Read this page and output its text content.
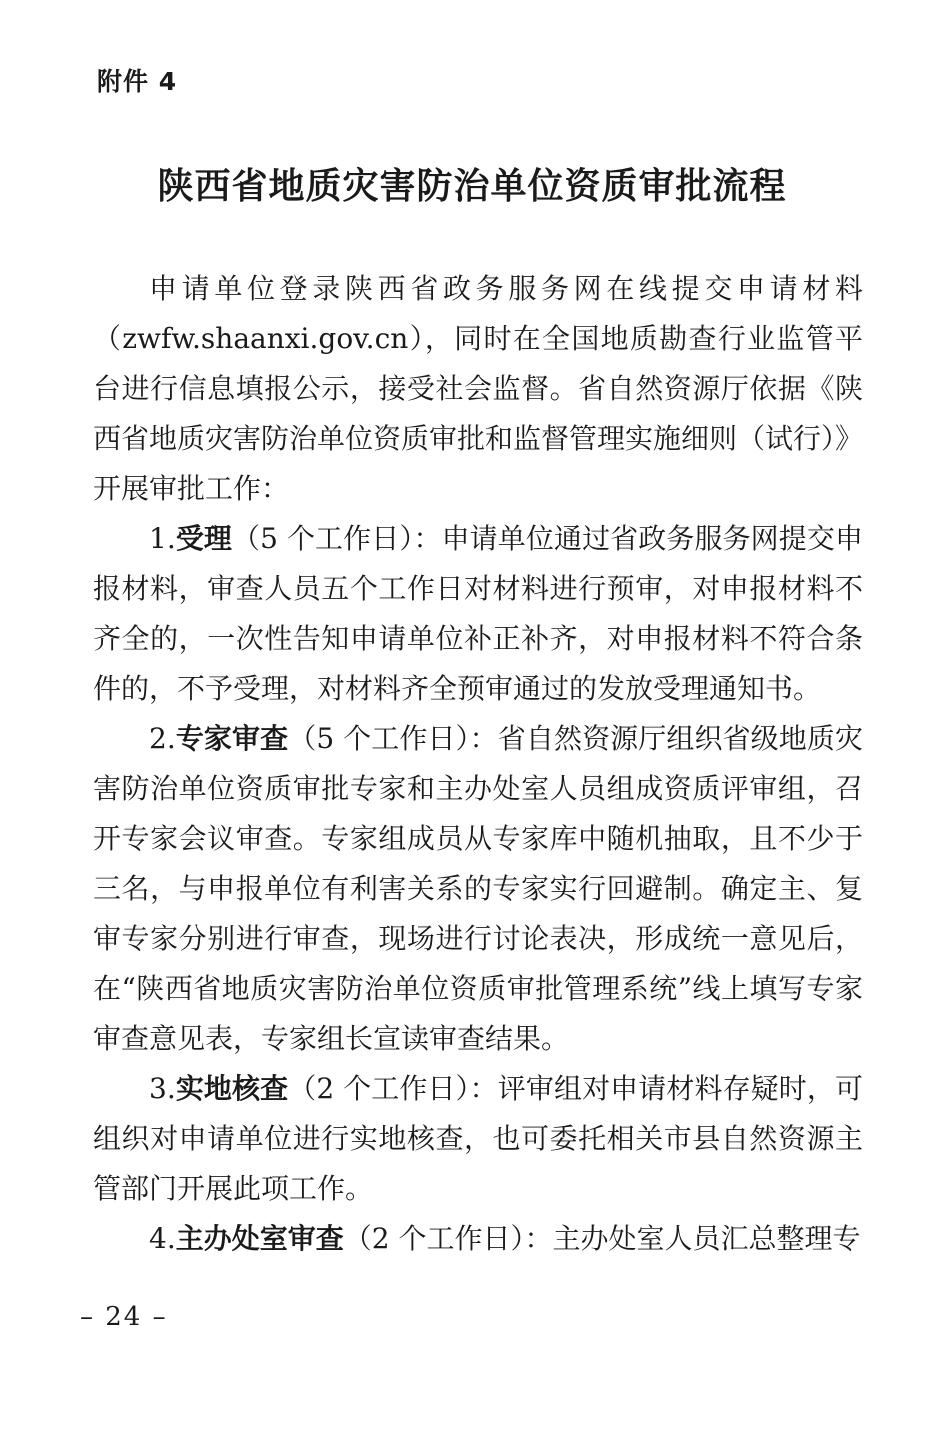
附件 4
陕西省地质灾害防治单位资质审批流程

申请单位登录陕西省政务服务网在线提交申请材料（zwfw.shaanxi.gov.cn），同时在全国地质勘查行业监管平台进行信息填报公示，接受社会监督。省自然资源厅依据《陕西省地质灾害防治单位资质审批和监督管理实施细则（试行）》开展审批工作：

1.受理（5 个工作日）：申请单位通过省政务服务网提交申报材料，审查人员五个工作日对材料进行预审，对申报材料不齐全的，一次性告知申请单位补正补齐，对申报材料不符合条件的，不予受理，对材料齐全预审通过的发放受理通知书。

2.专家审查（5 个工作日）：省自然资源厅组织省级地质灾害防治单位资质审批专家和主办处室人员组成资质评审组，召开专家会议审查。专家组成员从专家库中随机抽取，且不少于三名，与申报单位有利害关系的专家实行回避制。确定主、复审专家分别进行审查，现场进行讨论表决，形成统一意见后，在“陕西省地质灾害防治单位资质审批管理系统”线上填写专家审查意见表，专家组长宣读审查结果。

3.实地核查（2 个工作日）：评审组对申请材料存疑时，可组织对申请单位进行实地核查，也可委托相关市县自然资源主管部门开展此项工作。

4.主办处室审查（2 个工作日）：主办处室人员汇总整理专

– 24 –
